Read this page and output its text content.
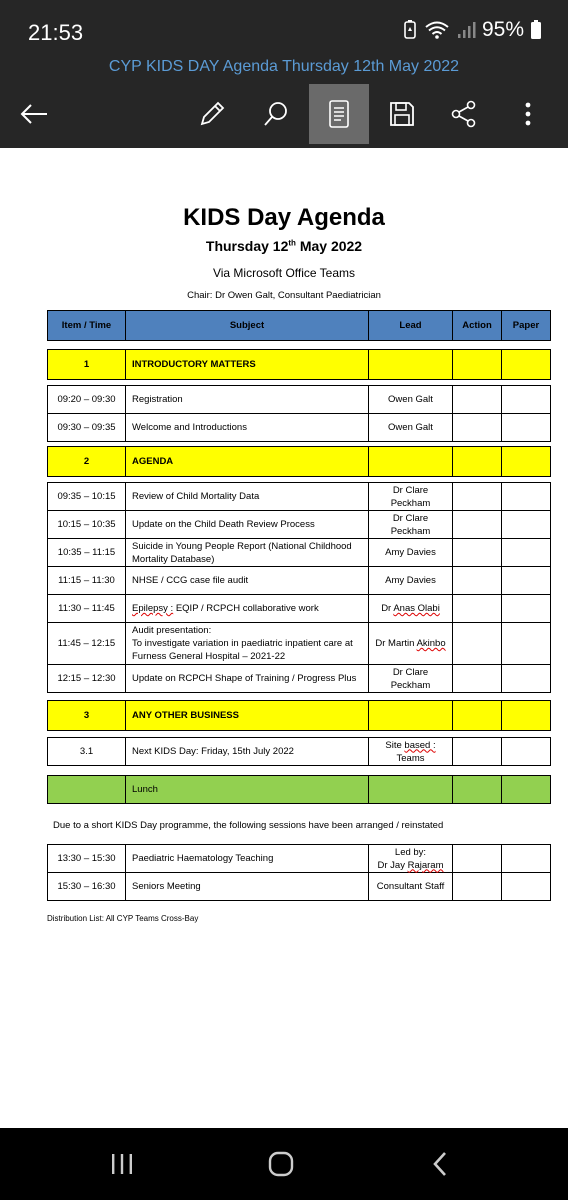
21:53	95%
CYP KIDS DAY Agenda Thursday 12th May 2022
KIDS Day Agenda
Thursday 12th May 2022
Via Microsoft Office Teams
Chair: Dr Owen Galt, Consultant Paediatrician
Item / Time	Subject	Lead	Action	Paper
1	INTRODUCTORY MATTERS			
09:20 – 09:30	Registration	Owen Galt		
09:30 – 09:35	Welcome and Introductions	Owen Galt		
2	AGENDA			
09:35 – 10:15	Review of Child Mortality Data	Dr Clare
Peckham		

10:15 – 10:35	Update on the Child Death Review Process	Dr Clare
Peckham		

10:35 – 11:15	Suicide in Young People Report (National Childhood
Mortality Database)	Amy Davies		
11:15 – 11:30	NHSE / CCG case file audit	Amy Davies		
11:30 – 11:45	Epilepsy : EQIP / RCPCH collaborative work	Dr Anas Olabi		
11:45 – 12:15	Audit presentation:
To investigate variation in paediatric inpatient care at
Furness General Hospital – 2021-22	Dr Martin Akinbo		
12:15 – 12:30	Update on RCPCH Shape of Training / Progress Plus	Dr Clare
Peckham		

3	ANY OTHER BUSINESS			
3.1	Next KIDS Day: Friday, 15th July 2022	Site based : Teams		
	Lunch			
Due to a short KIDS Day programme, the following sessions have been arranged / reinstated
13:30 – 15:30	Paediatric Haematology Teaching	Led by:
Dr Jay Rajaram		

15:30 – 16:30	Seniors Meeting	Consultant Staff		
Distribution List: All CYP Teams Cross-Bay
